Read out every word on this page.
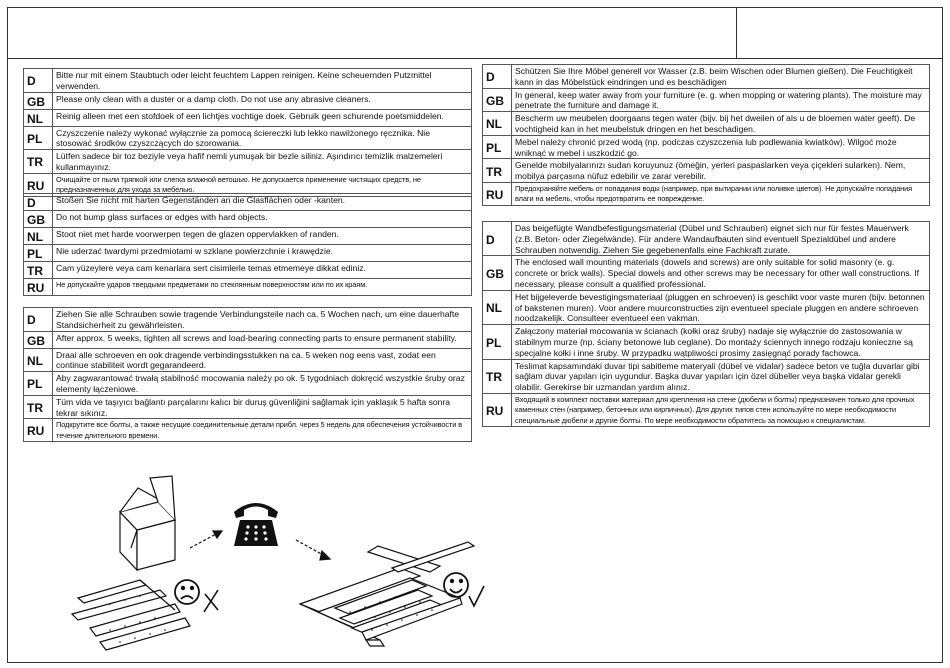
D	Bitte nur mit einem Staubtuch oder leicht feuchtem Lappen reinigen. Keine scheuernden Putzmittel verwenden.
GB	Please only clean with a duster or a damp cloth. Do not use any abrasive cleaners.
NL	Reinig alleen met een stofdoek of een lichtjes vochtige doek. Gebruik geen schurende poetsmiddelen.
PL	Czyszczenie należy wykonać wyłącznie za pomocą ściereczki lub lekko nawilżonego ręcznika. Nie stosować środków czyszczących do szorowania.
TR	Lütfen sadece bir toz beziyle veya hafif nemli yumuşak bir bezle siliniz. Aşındırıcı temizlik malzemeleri kullanmayınız.
RU	Очищайте от пыли тряпкой или слегка влажной ветошью. Не допускается применение чистящих средств, не предназначенных для ухода за мебелью.
D	Stoßen Sie nicht mit harten Gegenständen an die Glasflächen oder -kanten.
GB	Do not bump glass surfaces or edges with hard objects.
NL	Stoot niet met harde voorwerpen tegen de glazen oppervlakken of randen.
PL	Nie uderzać twardymi przedmiotami w szklane powierzchnie i krawędzie.
TR	Cam yüzeylere veya cam kenarlara sert cisimlerle temas etmemeye dikkat ediniz.
RU	Не допускайте ударов твердыми предметами по стеклянным поверхностям или по их краям.
D	Ziehen Sie alle Schrauben sowie tragende Verbindungsteile nach ca. 5 Wochen nach, um eine dauerhafte Standsicherheit zu gewährleisten.
GB	After approx. 5 weeks, tighten all screws and load-bearing connecting parts to ensure permanent stability.
NL	Draai alle schroeven en ook dragende verbindingsstukken na ca. 5 weken nog eens vast, zodat een continue stabiliteit wordt gegarandeerd.
PL	Aby zagwarantować trwałą stabilność mocowania należy po ok. 5 tygodniach dokręcić wszystkie śruby oraz elementy łączeniowe.
TR	Tüm vida ve taşıyıcı bağlantı parçalarını kalıcı bir duruş güvenliğini sağlamak için yaklaşık 5 hafta sonra tekrar sıkınız.
RU	Подкрутите все болты, а также несущие соединительные детали прибл. через 5 недель для обеспечения устойчивости в течение длительного времени.
D	Schützen Sie Ihre Möbel generell vor Wasser (z.B. beim Wischen oder Blumen gießen). Die Feuchtigkeit kann in das Möbelstück eindringen und es beschädigen
GB	In general, keep water away from your furniture (e. g. when mopping or watering plants). The moisture may penetrate the furniture and damage it.
NL	Bescherm uw meubelen doorgaans tegen water (bijv. bij het dweilen of als u de bloemen water geeft). De vochtigheid kan in het meubelstuk dringen en het beschadigen.
PL	Mebel należy chronić przed wodą (np. podczas czyszczenia lub podlewania kwiatków). Wilgoć może wniknąć w mebel i uszkodzić go.
TR	Genelde mobilyalarınızı sudan koruyunuz (ömeğin, yerleri paspaslarken veya çiçekleri sularken). Nem, mobilya parçasına nüfuz edebilir ve zarar verebilir.
RU	Предохраняйте мебель от попадания воды (например, при вытирании или поливке цветов). Не допускайте попадания влаги на мебель, чтобы предотвратить ее повреждение.
D	Das beigefügte Wandbefestigungsmaterial (Dübel und Schrauben) eignet sich nur für festes Mauerwerk (z.B. Beton- oder Ziegelwände). Für andere Wandaufbauten sind eventuell Spezialdübel und andere Schrauben notwendig. Ziehen Sie gegebenenfalls eine Fachkraft zurate.
GB	The enclosed wall mounting materials (dowels and screws) are only suitable for solid masonry (e. g. concrete or brick walls). Special dowels and other screws may be necessary for other wall constructions. If necessary, please consult a qualified professional.
NL	Het bijgeleverde bevestigingsmateriaal (pluggen en schroeven) is geschikt voor vaste muren (bijv. betonnen of bakstenen muren). Voor andere muurconstructies zijn eventueel speciale pluggen en andere schroeven noodzakelijk. Consulteer eventueel een vakman.
PL	Załączony materiał mocowania w ścianach (kołki oraz śruby) nadaje się wyłącznie do zastosowania w stabilnym murze (np. ściany betonowe lub ceglane). Do montaży ściennych innego rodzaju konieczne są specjalne kołki i inne śruby. W przypadku wątpliwości prosimy zasięgnąć porady fachowca.
TR	Teslimat kapsamındaki duvar tipi sabitleme materyali (dübel ve vidalar) sadece beton ve tuğla duvarlar gibi sağlam duvar yapıları için uygundur. Başka duvar yapıları için özel dübeller veya başka vidalar gerekli olabilir. Gerekirse bir uzmandan yardım alınız.
RU	Входящий в комплект поставки материал для крепления на стене (дюбели и болты) предназначен только для прочных каменных стен (например, бетонных или кирпичных). Для других типов стен используйте по мере необходимости специальные дюбели и другие болты. По мере необходимости обратитесь за помощью к специалистам.
